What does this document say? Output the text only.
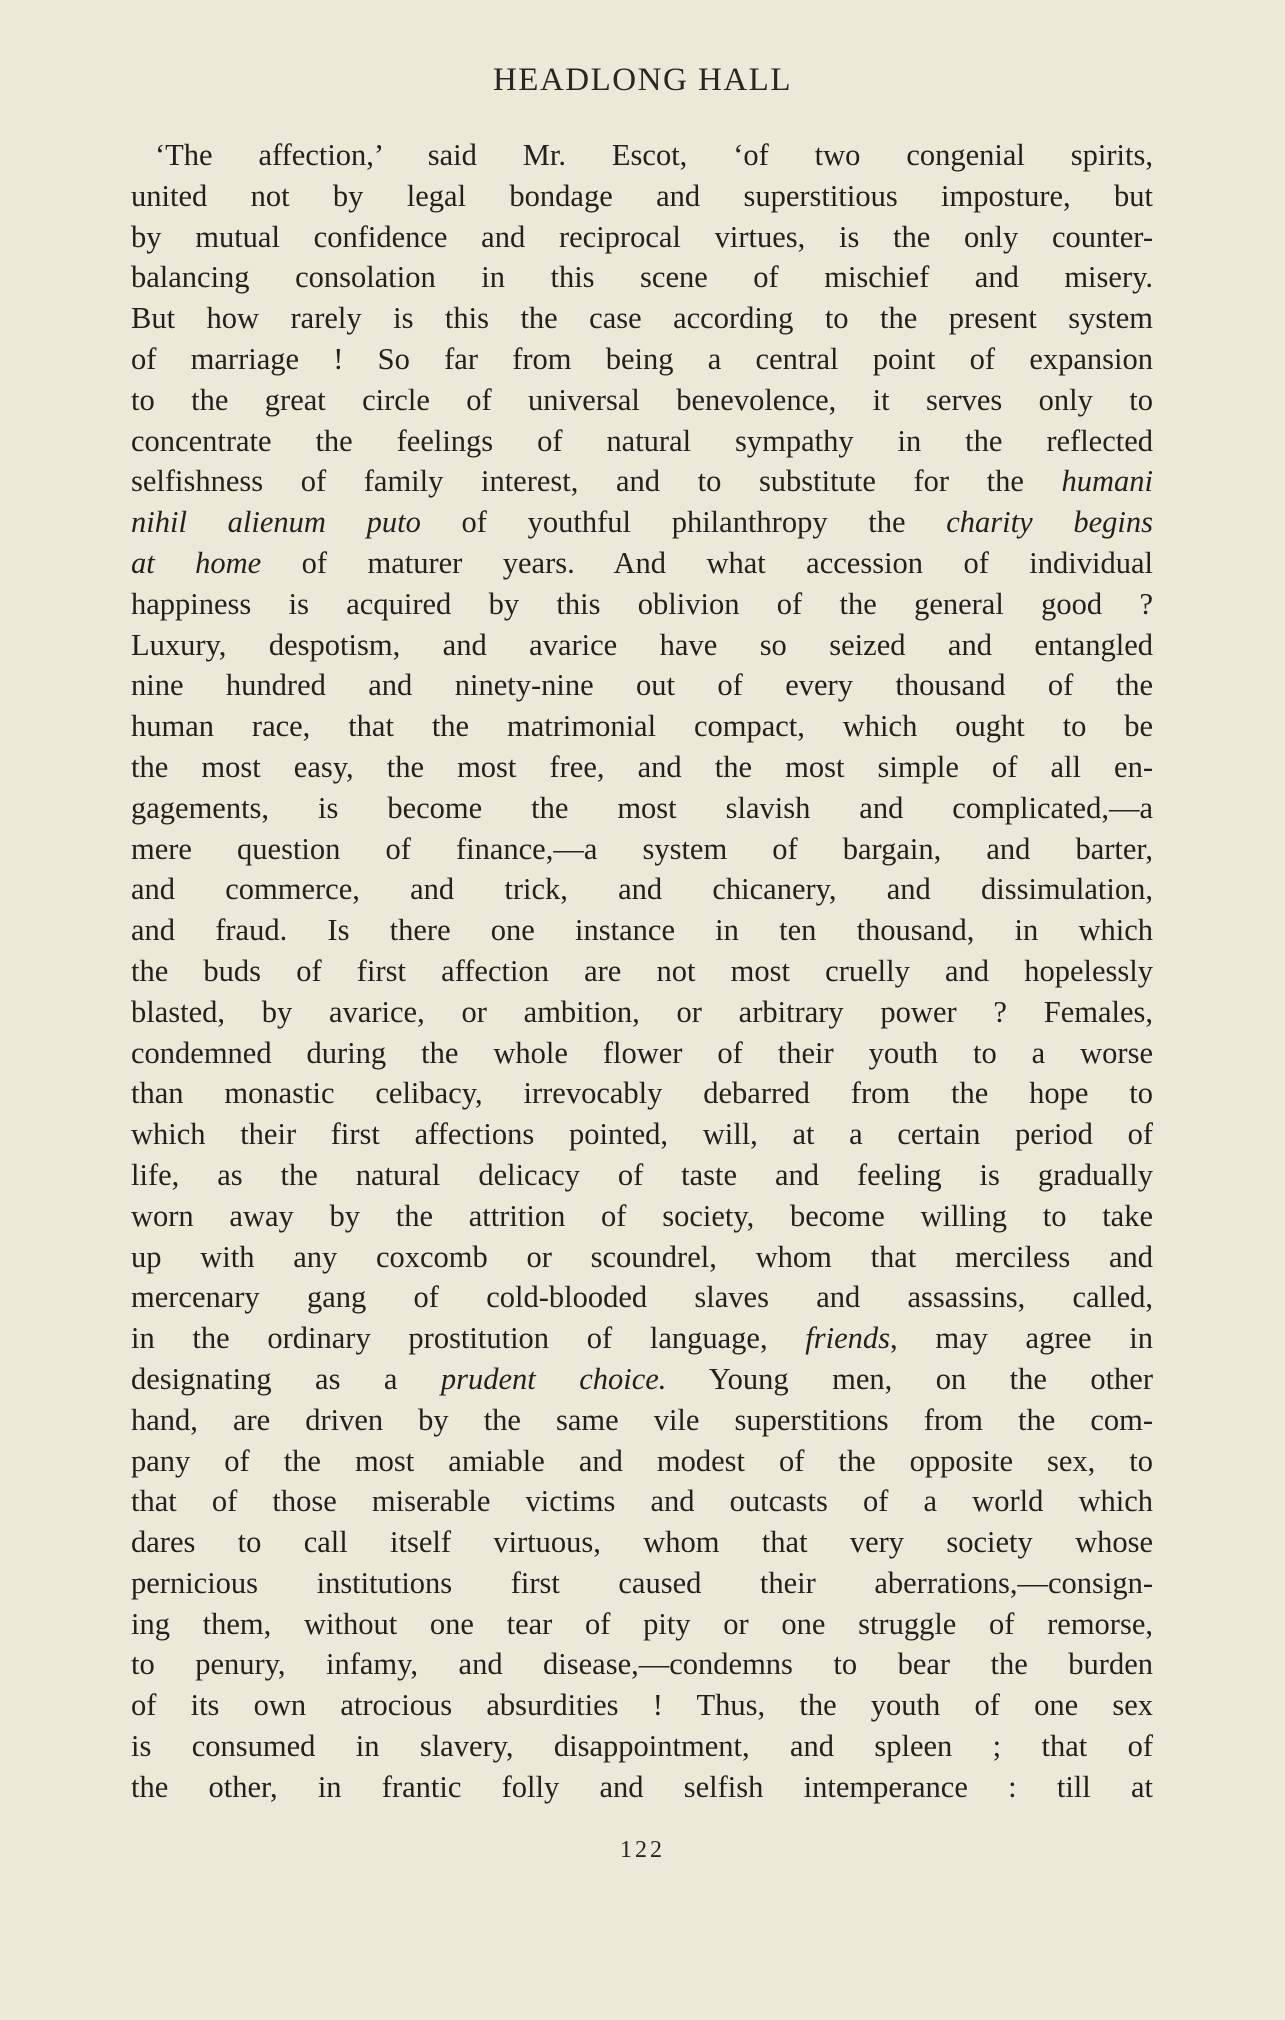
HEADLONG HALL
‘The affection,’ said Mr. Escot, ‘of two congenial spirits,
united not by legal bondage and superstitious imposture, but
by mutual confidence and reciprocal virtues, is the only counter-
balancing consolation in this scene of mischief and misery.
But how rarely is this the case according to the present system
of marriage ! So far from being a central point of expansion
to the great circle of universal benevolence, it serves only to
concentrate the feelings of natural sympathy in the reflected
selfishness of family interest, and to substitute for the humani
nihil alienum puto of youthful philanthropy the charity begins
at home of maturer years. And what accession of individual
happiness is acquired by this oblivion of the general good ?
Luxury, despotism, and avarice have so seized and entangled
nine hundred and ninety-nine out of every thousand of the
human race, that the matrimonial compact, which ought to be
the most easy, the most free, and the most simple of all en-
gagements, is become the most slavish and complicated,—a
mere question of finance,—a system of bargain, and barter,
and commerce, and trick, and chicanery, and dissimulation,
and fraud. Is there one instance in ten thousand, in which
the buds of first affection are not most cruelly and hopelessly
blasted, by avarice, or ambition, or arbitrary power ? Females,
condemned during the whole flower of their youth to a worse
than monastic celibacy, irrevocably debarred from the hope to
which their first affections pointed, will, at a certain period of
life, as the natural delicacy of taste and feeling is gradually
worn away by the attrition of society, become willing to take
up with any coxcomb or scoundrel, whom that merciless and
mercenary gang of cold-blooded slaves and assassins, called,
in the ordinary prostitution of language, friends, may agree in
designating as a prudent choice. Young men, on the other
hand, are driven by the same vile superstitions from the com-
pany of the most amiable and modest of the opposite sex, to
that of those miserable victims and outcasts of a world which
dares to call itself virtuous, whom that very society whose
pernicious institutions first caused their aberrations,—consign-
ing them, without one tear of pity or one struggle of remorse,
to penury, infamy, and disease,—condemns to bear the burden
of its own atrocious absurdities ! Thus, the youth of one sex
is consumed in slavery, disappointment, and spleen ; that of
the other, in frantic folly and selfish intemperance : till at
122
